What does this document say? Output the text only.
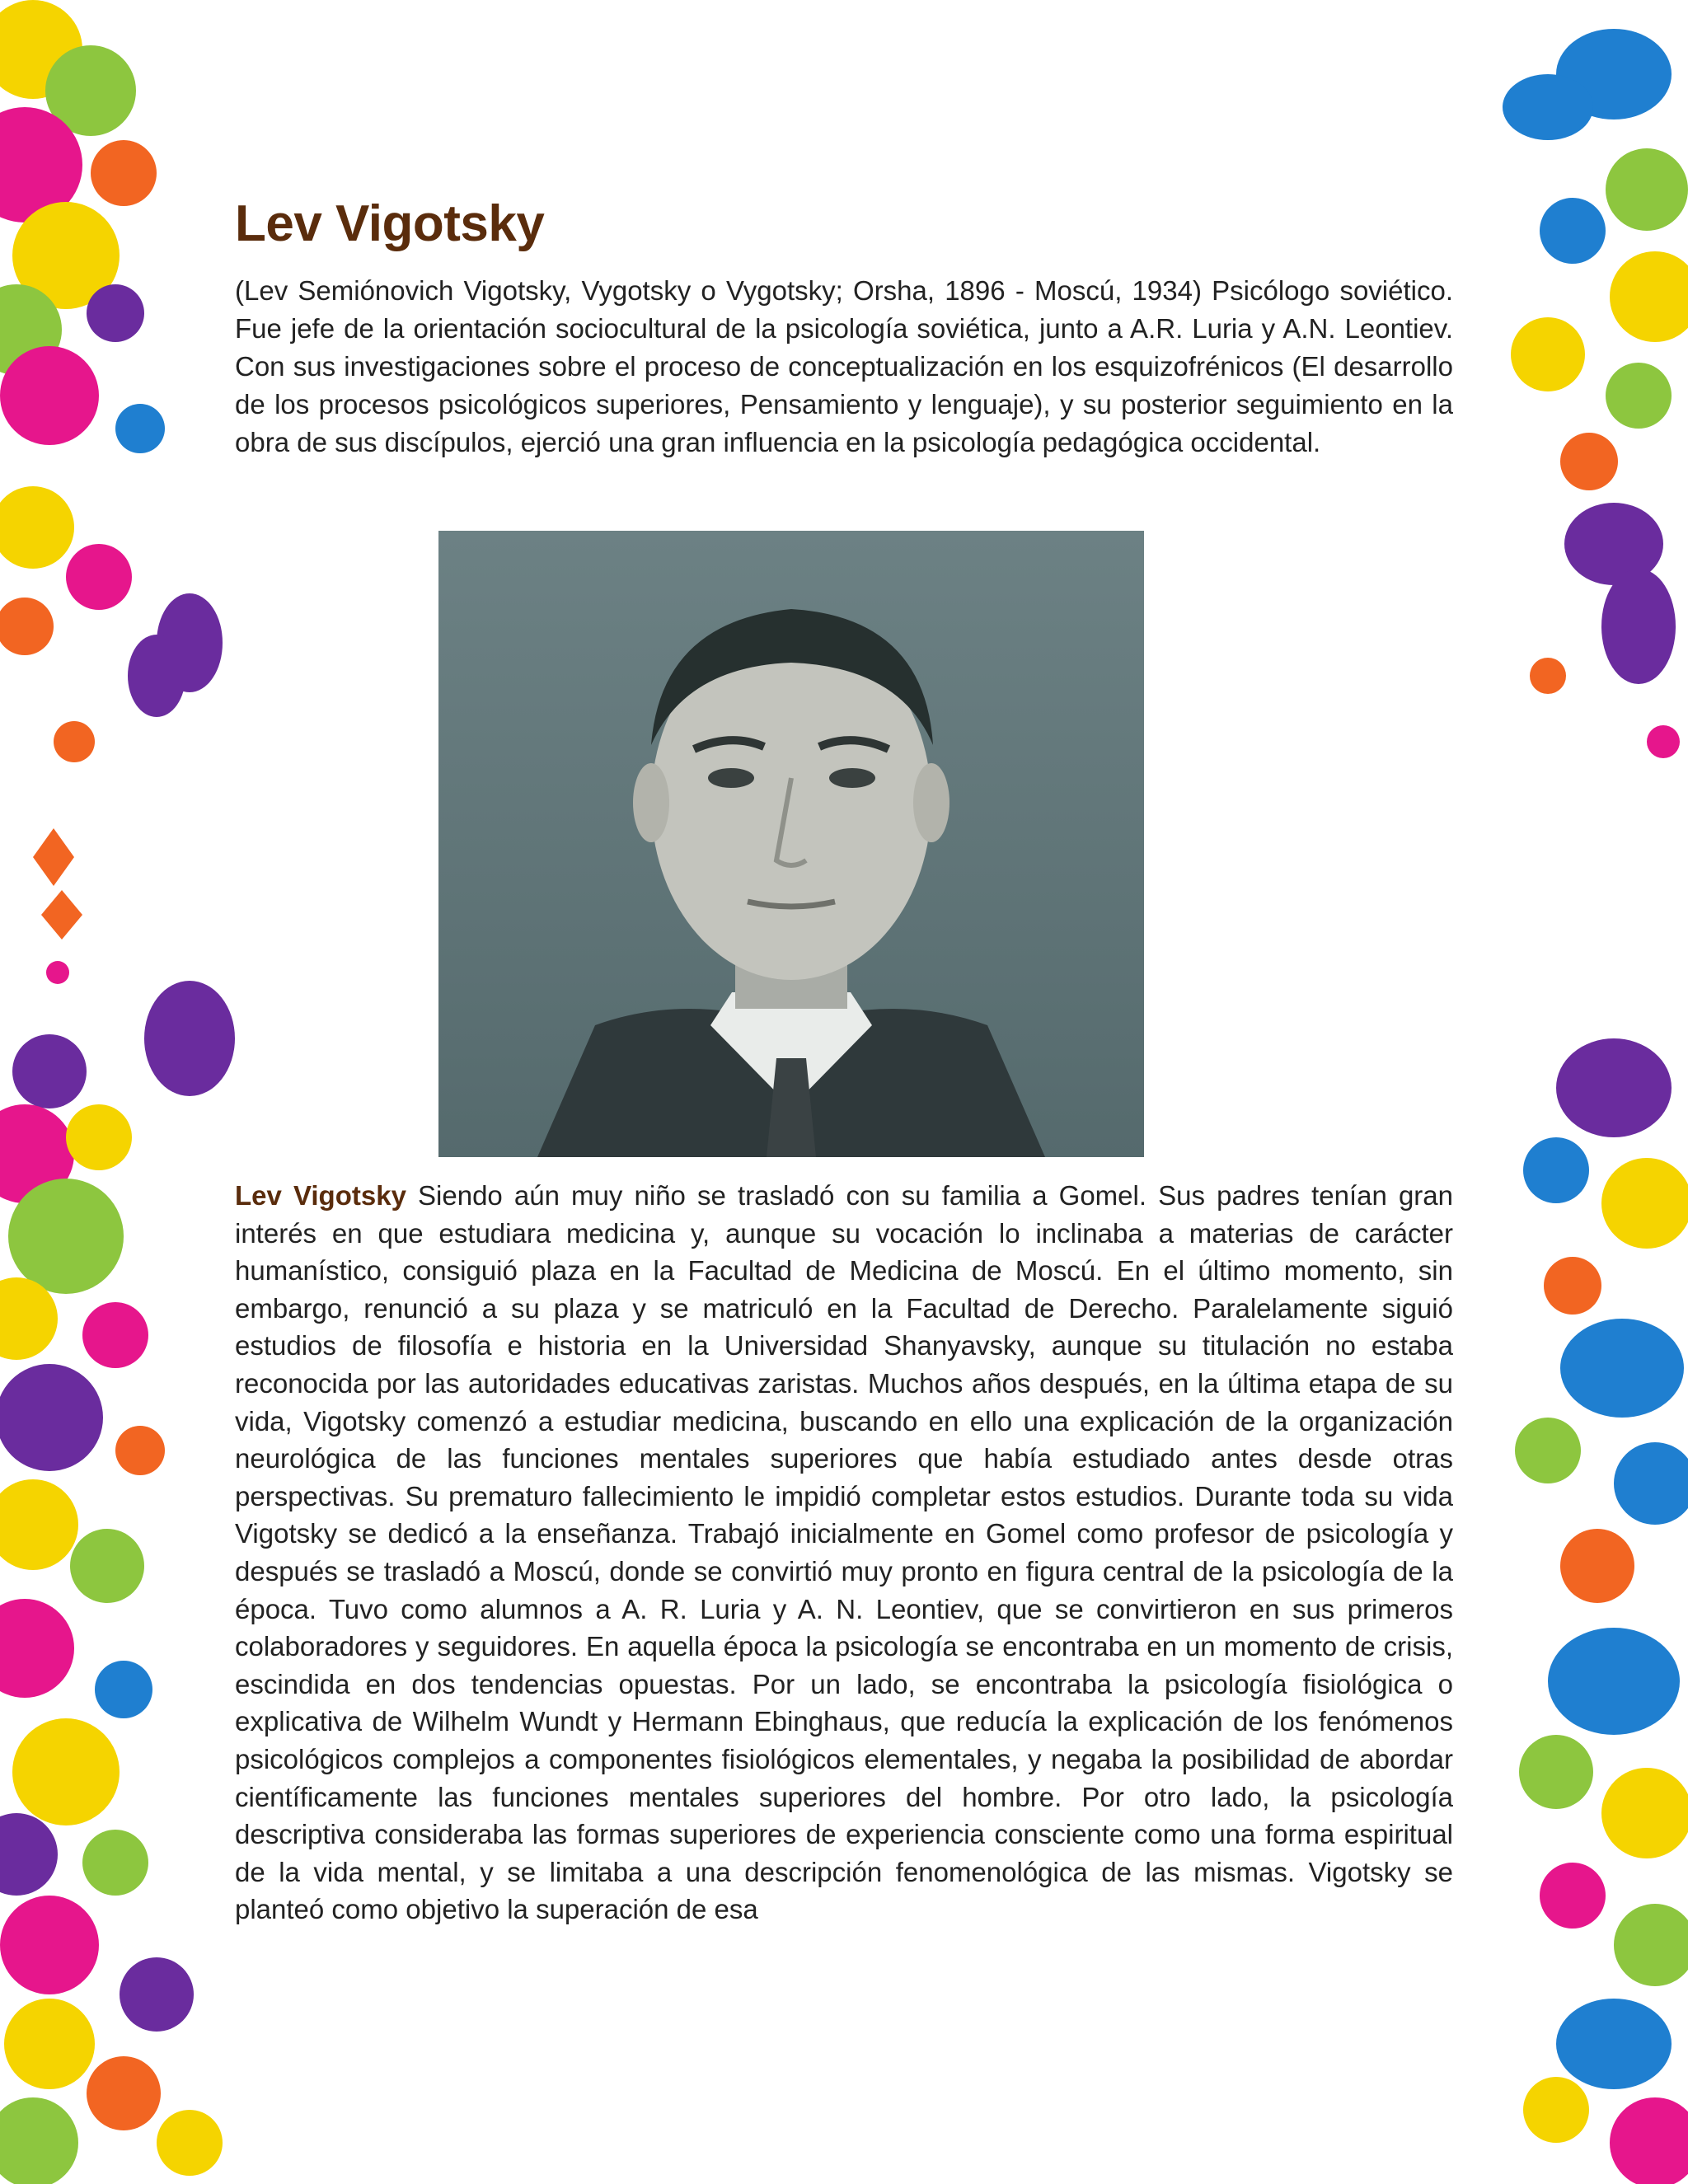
Lev Vigotsky

(Lev Semiónovich Vigotsky, Vygotsky o Vygotsky; Orsha, 1896 - Moscú, 1934) Psicólogo soviético. Fue jefe de la orientación sociocultural de la psicología soviética, junto a A.R. Luria y A.N. Leontiev. Con sus investigaciones sobre el proceso de conceptualización en los esquizofrénicos (El desarrollo de los procesos psicológicos superiores, Pensamiento y lenguaje), y su posterior seguimiento en la obra de sus discípulos, ejerció una gran influencia en la psicología pedagógica occidental.

Lev Vigotsky Siendo aún muy niño se trasladó con su familia a Gomel. Sus padres tenían gran interés en que estudiara medicina y, aunque su vocación lo inclinaba a materias de carácter humanístico, consiguió plaza en la Facultad de Medicina de Moscú. En el último momento, sin embargo, renunció a su plaza y se matriculó en la Facultad de Derecho. Paralelamente siguió estudios de filosofía e historia en la Universidad Shanyavsky, aunque su titulación no estaba reconocida por las autoridades educativas zaristas. Muchos años después, en la última etapa de su vida, Vigotsky comenzó a estudiar medicina, buscando en ello una explicación de la organización neurológica de las funciones mentales superiores que había estudiado antes desde otras perspectivas. Su prematuro fallecimiento le impidió completar estos estudios. Durante toda su vida Vigotsky se dedicó a la enseñanza. Trabajó inicialmente en Gomel como profesor de psicología y después se trasladó a Moscú, donde se convirtió muy pronto en figura central de la psicología de la época. Tuvo como alumnos a A. R. Luria y A. N. Leontiev, que se convirtieron en sus primeros colaboradores y seguidores. En aquella época la psicología se encontraba en un momento de crisis, escindida en dos tendencias opuestas. Por un lado, se encontraba la psicología fisiológica o explicativa de Wilhelm Wundt y Hermann Ebinghaus, que reducía la explicación de los fenómenos psicológicos complejos a componentes fisiológicos elementales, y negaba la posibilidad de abordar científicamente las funciones mentales superiores del hombre. Por otro lado, la psicología descriptiva consideraba las formas superiores de experiencia consciente como una forma espiritual de la vida mental, y se limitaba a una descripción fenomenológica de las mismas. Vigotsky se planteó como objetivo la superación de esa
